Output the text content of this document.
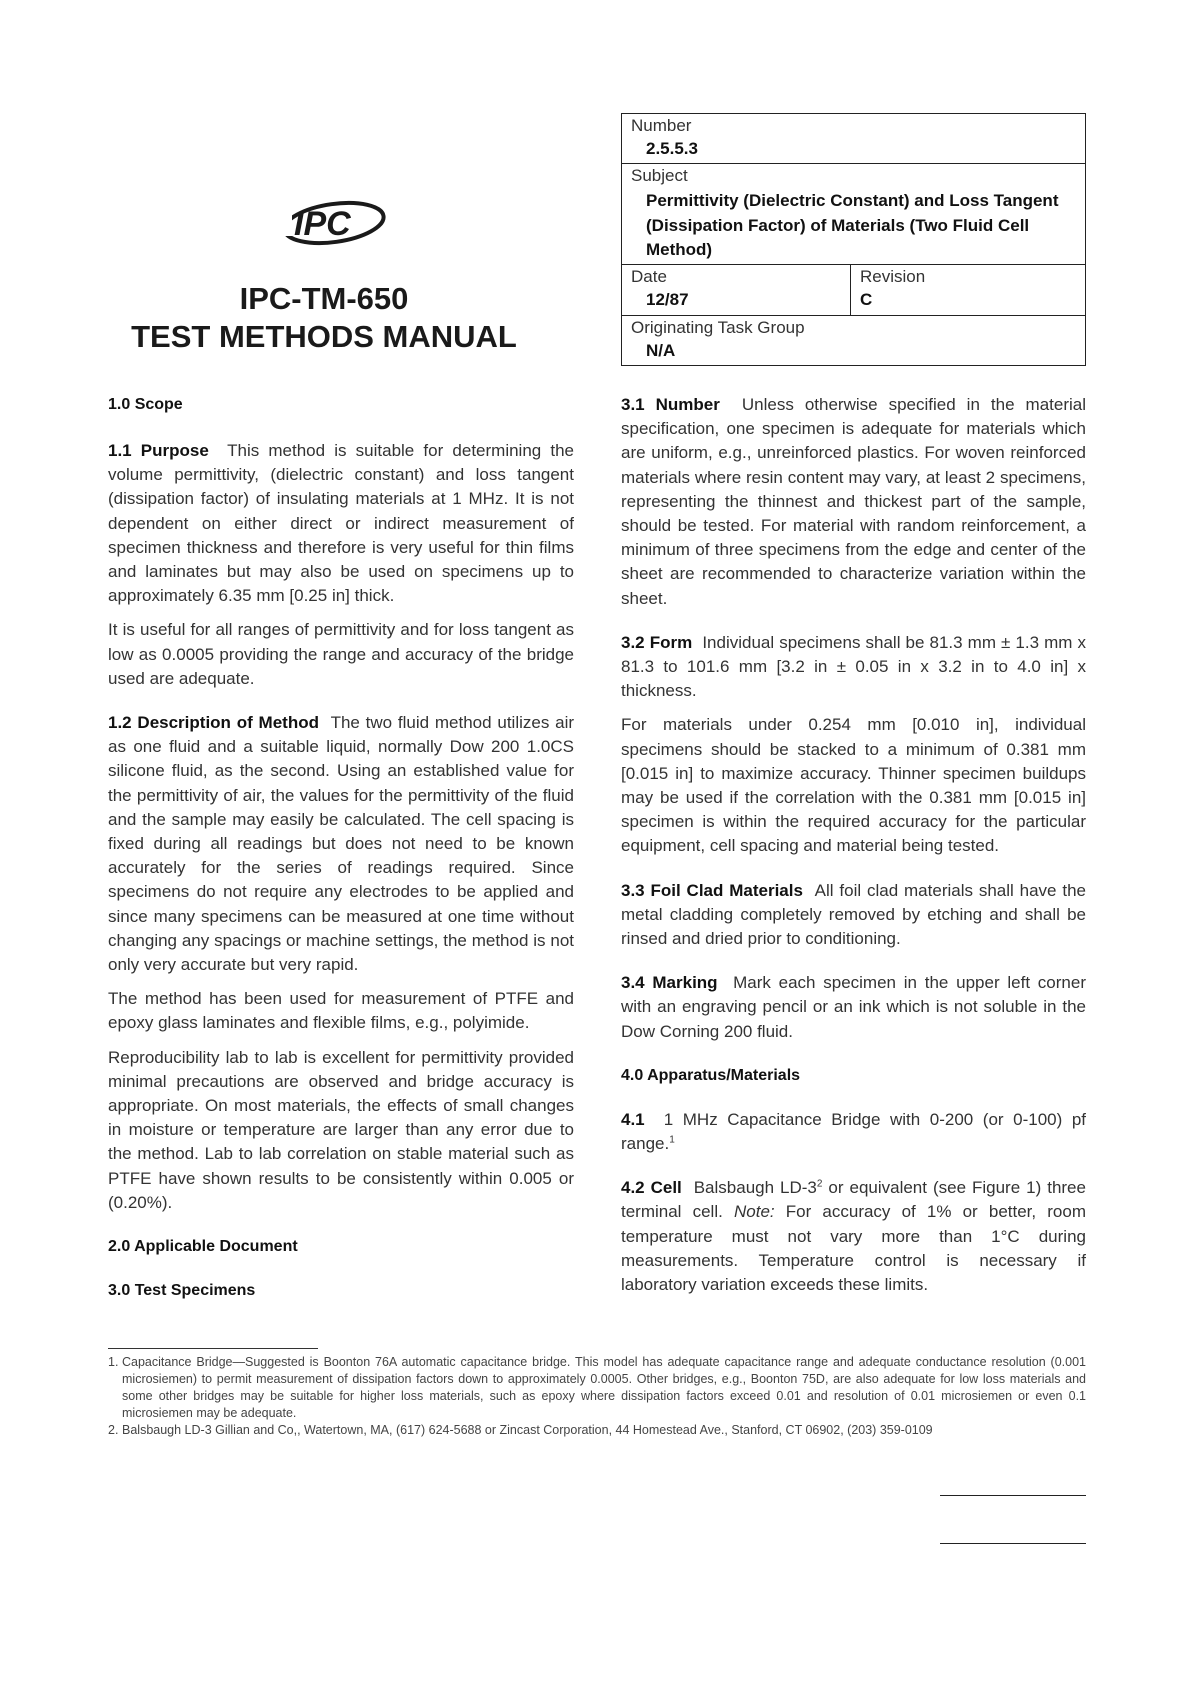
IPC
IPC-TM-650
TEST METHODS MANUAL
Number
2.5.5.3
Subject
Permittivity (Dielectric Constant) and Loss Tangent (Dissipation Factor) of Materials (Two Fluid Cell Method)
Date
12/87
Revision
C
Originating Task Group
N/A
1.0 Scope

1.1 Purpose This method is suitable for determining the volume permittivity, (dielectric constant) and loss tangent (dissipation factor) of insulating materials at 1 MHz. It is not dependent on either direct or indirect measurement of specimen thickness and therefore is very useful for thin films and laminates but may also be used on specimens up to approximately 6.35 mm [0.25 in] thick.

It is useful for all ranges of permittivity and for loss tangent as low as 0.0005 providing the range and accuracy of the bridge used are adequate.

1.2 Description of Method The two fluid method utilizes air as one fluid and a suitable liquid, normally Dow 200 1.0CS silicone fluid, as the second. Using an established value for the permittivity of air, the values for the permittivity of the fluid and the sample may easily be calculated. The cell spacing is fixed during all readings but does not need to be known accurately for the series of readings required. Since specimens do not require any electrodes to be applied and since many specimens can be measured at one time without changing any spacings or machine settings, the method is not only very accurate but very rapid.

The method has been used for measurement of PTFE and epoxy glass laminates and flexible films, e.g., polyimide.

Reproducibility lab to lab is excellent for permittivity provided minimal precautions are observed and bridge accuracy is appropriate. On most materials, the effects of small changes in moisture or temperature are larger than any error due to the method. Lab to lab correlation on stable material such as PTFE have shown results to be consistently within 0.005 or (0.20%).

2.0 Applicable Document
3.0 Test Specimens

3.1 Number Unless otherwise specified in the material specification, one specimen is adequate for materials which are uniform, e.g., unreinforced plastics. For woven reinforced materials where resin content may vary, at least 2 specimens, representing the thinnest and thickest part of the sample, should be tested. For material with random reinforcement, a minimum of three specimens from the edge and center of the sheet are recommended to characterize variation within the sheet.

3.2 Form Individual specimens shall be 81.3 mm ± 1.3 mm x 81.3 to 101.6 mm [3.2 in ± 0.05 in x 3.2 in to 4.0 in] x thickness.

For materials under 0.254 mm [0.010 in], individual specimens should be stacked to a minimum of 0.381 mm [0.015 in] to maximize accuracy. Thinner specimen buildups may be used if the correlation with the 0.381 mm [0.015 in] specimen is within the required accuracy for the particular equipment, cell spacing and material being tested.

3.3 Foil Clad Materials All foil clad materials shall have the metal cladding completely removed by etching and shall be rinsed and dried prior to conditioning.

3.4 Marking Mark each specimen in the upper left corner with an engraving pencil or an ink which is not soluble in the Dow Corning 200 fluid.

4.0 Apparatus/Materials

4.1 1 MHz Capacitance Bridge with 0-200 (or 0-100) pf range.$^1$

4.2 Cell Balsbaugh $LD-3^2$ or equivalent (see Figure 1) three terminal cell. Note: For accuracy of 1% or better, room temperature must not vary more than 1°C during measurements. Temperature control is necessary if laboratory variation exceeds these limits.

1. Capacitance Bridge—Suggested is Boonton 76A automatic capacitance bridge. This model has adequate capacitance range and adequate conductance resolution (0.001 microsiemen) to permit measurement of dissipation factors down to approximately 0.0005. Other bridges, e.g., Boonton 75D, are also adequate for low loss materials and some other bridges may be suitable for higher loss materials, such as epoxy where dissipation factors exceed 0.01 and resolution of 0.01 microsiemen or even 0.1 microsiemen may be adequate.

2. Balsbaugh LD-3 Gillian and Co,, Watertown, MA, (617) 624-5688 or Zincast Corporation, 44 Homestead Ave., Stanford, CT 06902, (203) 359-0109
